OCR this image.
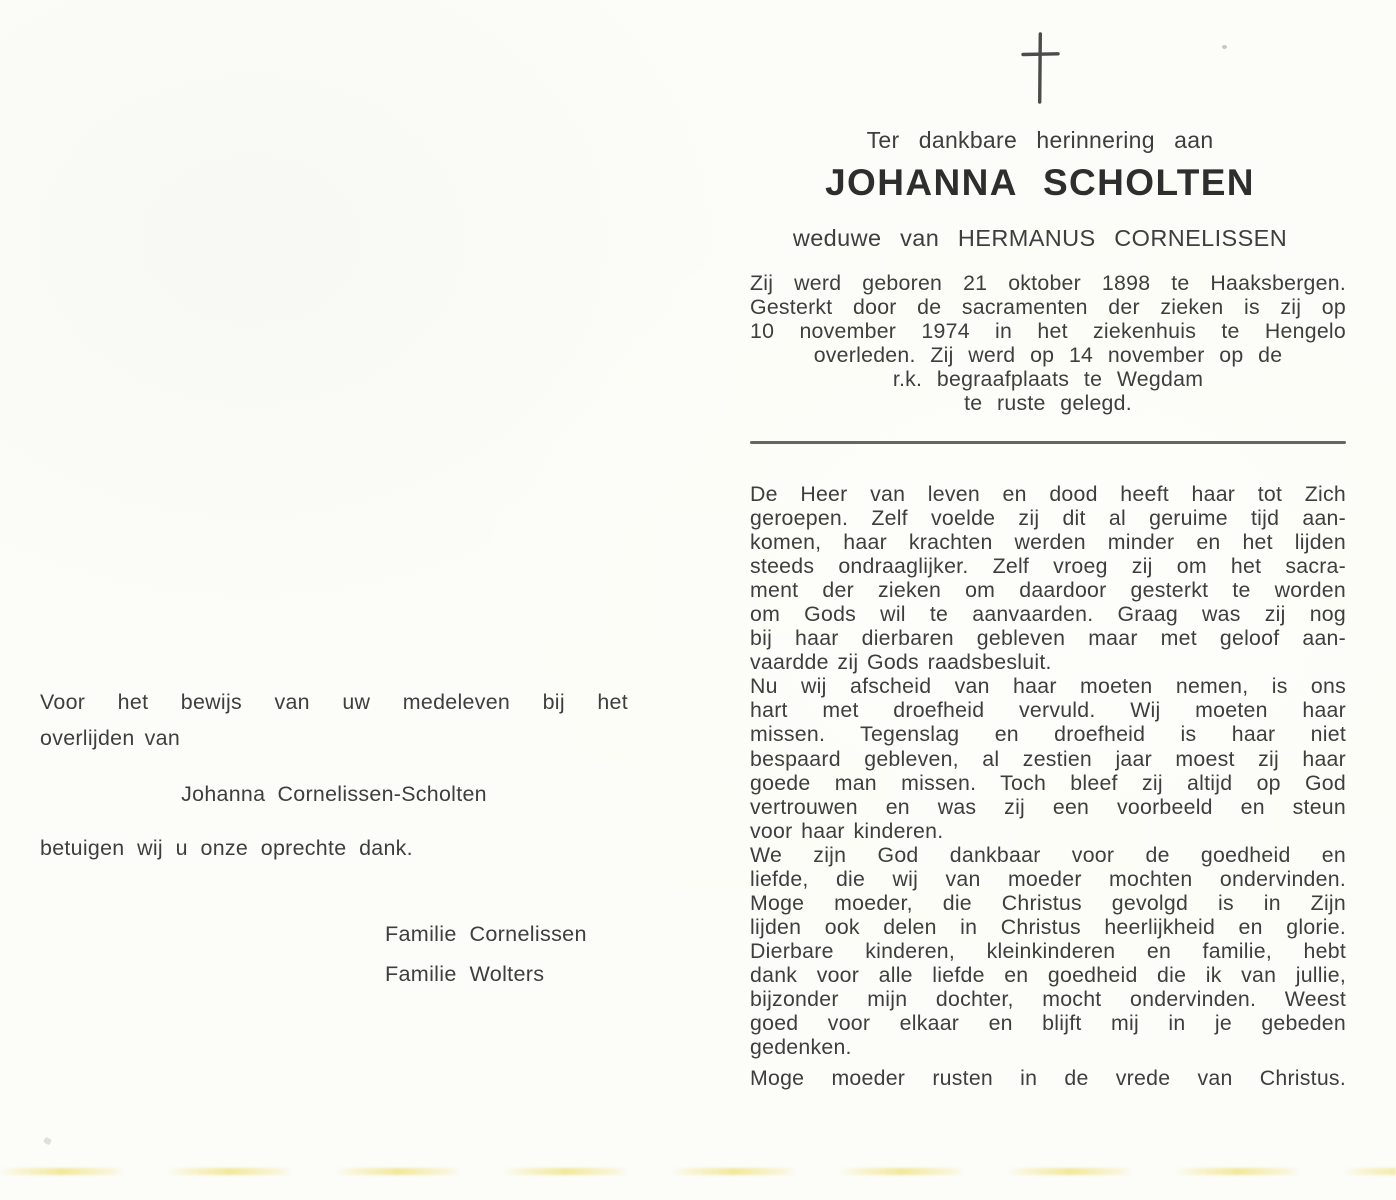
Voor het bewijs van uw medeleven bij het
overlijden van
Johanna Cornelissen-Scholten
betuigen wij u onze oprechte dank.
Familie Cornelissen
Familie Wolters
Ter dankbare herinnering aan
JOHANNA SCHOLTEN
weduwe van HERMANUS CORNELISSEN
Zij werd geboren 21 oktober 1898 te Haaksbergen.
Gesterkt door de sacramenten der zieken is zij op
10 november 1974 in het ziekenhuis te Hengelo
overleden. Zij werd op 14 november op de
r.k. begraafplaats te Wegdam
te ruste gelegd.
De Heer van leven en dood heeft haar tot Zich
geroepen. Zelf voelde zij dit al geruime tijd aan-
komen, haar krachten werden minder en het lijden
steeds ondraaglijker. Zelf vroeg zij om het sacra-
ment der zieken om daardoor gesterkt te worden
om Gods wil te aanvaarden. Graag was zij nog
bij haar dierbaren gebleven maar met geloof aan-
vaardde zij Gods raadsbesluit.
Nu wij afscheid van haar moeten nemen, is ons
hart met droefheid vervuld. Wij moeten haar
missen. Tegenslag en droefheid is haar niet
bespaard gebleven, al zestien jaar moest zij haar
goede man missen. Toch bleef zij altijd op God
vertrouwen en was zij een voorbeeld en steun
voor haar kinderen.
We zijn God dankbaar voor de goedheid en
liefde, die wij van moeder mochten ondervinden.
Moge moeder, die Christus gevolgd is in Zijn
lijden ook delen in Christus heerlijkheid en glorie.
Dierbare kinderen, kleinkinderen en familie, hebt
dank voor alle liefde en goedheid die ik van jullie,
bijzonder mijn dochter, mocht ondervinden. Weest
goed voor elkaar en blijft mij in je gebeden
gedenken.
Moge moeder rusten in de vrede van Christus.
